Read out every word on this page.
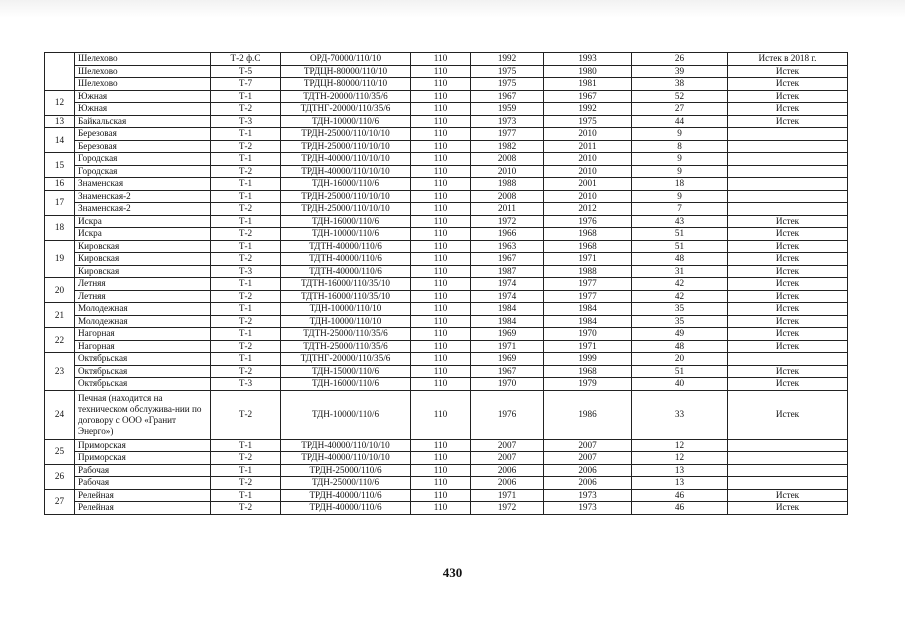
	Шелехово	Т-2 ф.С	ОРД-70000/110/10	110	1992	1993	26	Истек в 2018 г.
	Шелехово	Т-5	ТРДЦН-80000/110/10	110	1975	1980	39	Истек
	Шелехово	Т-7	ТРДЦН-80000/110/10	110	1975	1981	38	Истек
12	Южная	Т-1	ТДТН-20000/110/35/6	110	1967	1967	52	Истек
	Южная	Т-2	ТДТНГ-20000/110/35/6	110	1959	1992	27	Истек
13	Байкальская	Т-3	ТДН-10000/110/6	110	1973	1975	44	Истек
14	Березовая	Т-1	ТРДН-25000/110/10/10	110	1977	2010	9	
	Березовая	Т-2	ТРДН-25000/110/10/10	110	1982	2011	8	
15	Городская	Т-1	ТРДН-40000/110/10/10	110	2008	2010	9	
	Городская	Т-2	ТРДН-40000/110/10/10	110	2010	2010	9	
16	Знаменская	Т-1	ТДН-16000/110/6	110	1988	2001	18	
17	Знаменская-2	Т-1	ТРДН-25000/110/10/10	110	2008	2010	9	
	Знаменская-2	Т-2	ТРДН-25000/110/10/10	110	2011	2012	7	
18	Искра	Т-1	ТДН-16000/110/6	110	1972	1976	43	Истек
	Искра	Т-2	ТДН-10000/110/6	110	1966	1968	51	Истек
19	Кировская	Т-1	ТДТН-40000/110/6	110	1963	1968	51	Истек
	Кировская	Т-2	ТДТН-40000/110/6	110	1967	1971	48	Истек
	Кировская	Т-3	ТДТН-40000/110/6	110	1987	1988	31	Истек
20	Летняя	Т-1	ТДТН-16000/110/35/10	110	1974	1977	42	Истек
	Летняя	Т-2	ТДТН-16000/110/35/10	110	1974	1977	42	Истек
21	Молодежная	Т-1	ТДН-10000/110/10	110	1984	1984	35	Истек
	Молодежная	Т-2	ТДН-10000/110/10	110	1984	1984	35	Истек
22	Нагорная	Т-1	ТДТН-25000/110/35/6	110	1969	1970	49	Истек
	Нагорная	Т-2	ТДТН-25000/110/35/6	110	1971	1971	48	Истек
23	Октябрьская	Т-1	ТДТНГ-20000/110/35/6	110	1969	1999	20	
	Октябрьская	Т-2	ТДН-15000/110/6	110	1967	1968	51	Истек
	Октябрьская	Т-3	ТДН-16000/110/6	110	1970	1979	40	Истек
24	Печная (находится на техническом обслужива-нии по договору с ООО «Гранит Энерго»)	Т-2	ТДН-10000/110/6	110	1976	1986	33	Истек
25	Приморская	Т-1	ТРДН-40000/110/10/10	110	2007	2007	12	
	Приморская	Т-2	ТРДН-40000/110/10/10	110	2007	2007	12	
26	Рабочая	Т-1	ТРДН-25000/110/6	110	2006	2006	13	
	Рабочая	Т-2	ТДН-25000/110/6	110	2006	2006	13	
27	Релейная	Т-1	ТРДН-40000/110/6	110	1971	1973	46	Истек
	Релейная	Т-2	ТРДН-40000/110/6	110	1972	1973	46	Истек
430
